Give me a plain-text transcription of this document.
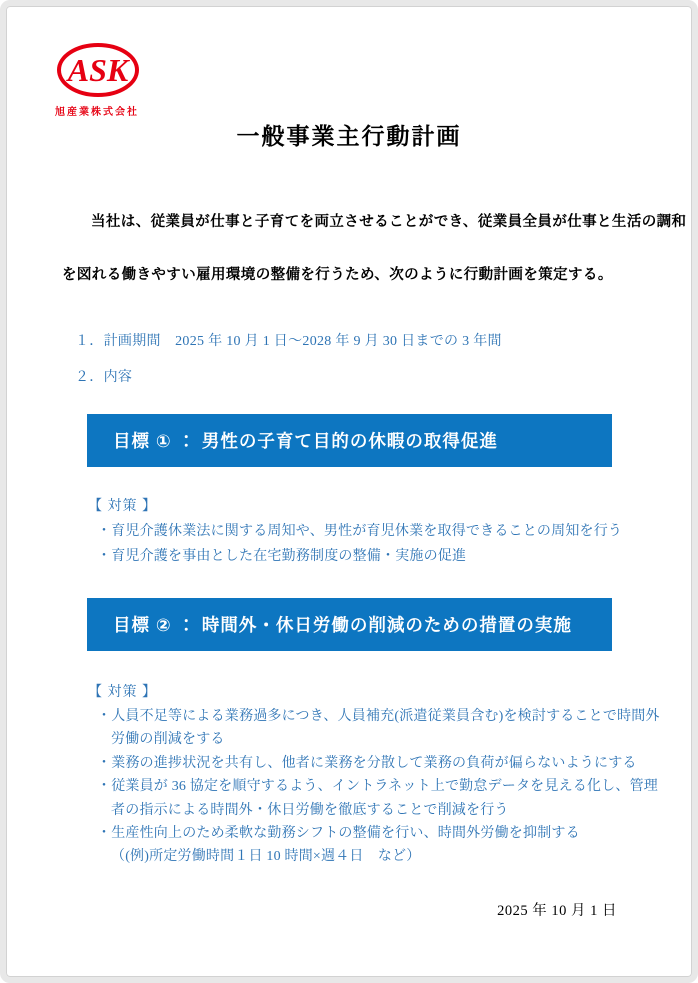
ASK
旭産業株式会社
一般事業主行動計画
当社は、従業員が仕事と子育てを両立させることができ、従業員全員が仕事と生活の調和
を図れる働きやすい雇用環境の整備を行うため、次のように行動計画を策定する。
１．計画期間　2025 年 10 月 1 日～2028 年 9 月 30 日までの 3 年間
２．内容
目標 ① ： 男性の子育て目的の休暇の取得促進
【 対策 】
・育児介護休業法に関する周知や、男性が育児休業を取得できることの周知を行う
・育児介護を事由とした在宅勤務制度の整備・実施の促進
目標 ② ： 時間外・休日労働の削減のための措置の実施
【 対策 】
・人員不足等による業務過多につき、人員補充(派遣従業員含む)を検討することで時間外
労働の削減をする
・業務の進捗状況を共有し、他者に業務を分散して業務の負荷が偏らないようにする
・従業員が 36 協定を順守するよう、イントラネット上で勤怠データを見える化し、管理
者の指示による時間外・休日労働を徹底することで削減を行う
・生産性向上のため柔軟な勤務シフトの整備を行い、時間外労働を抑制する
（(例)所定労働時間１日 10 時間×週４日　など）
2025 年 10 月 1 日
